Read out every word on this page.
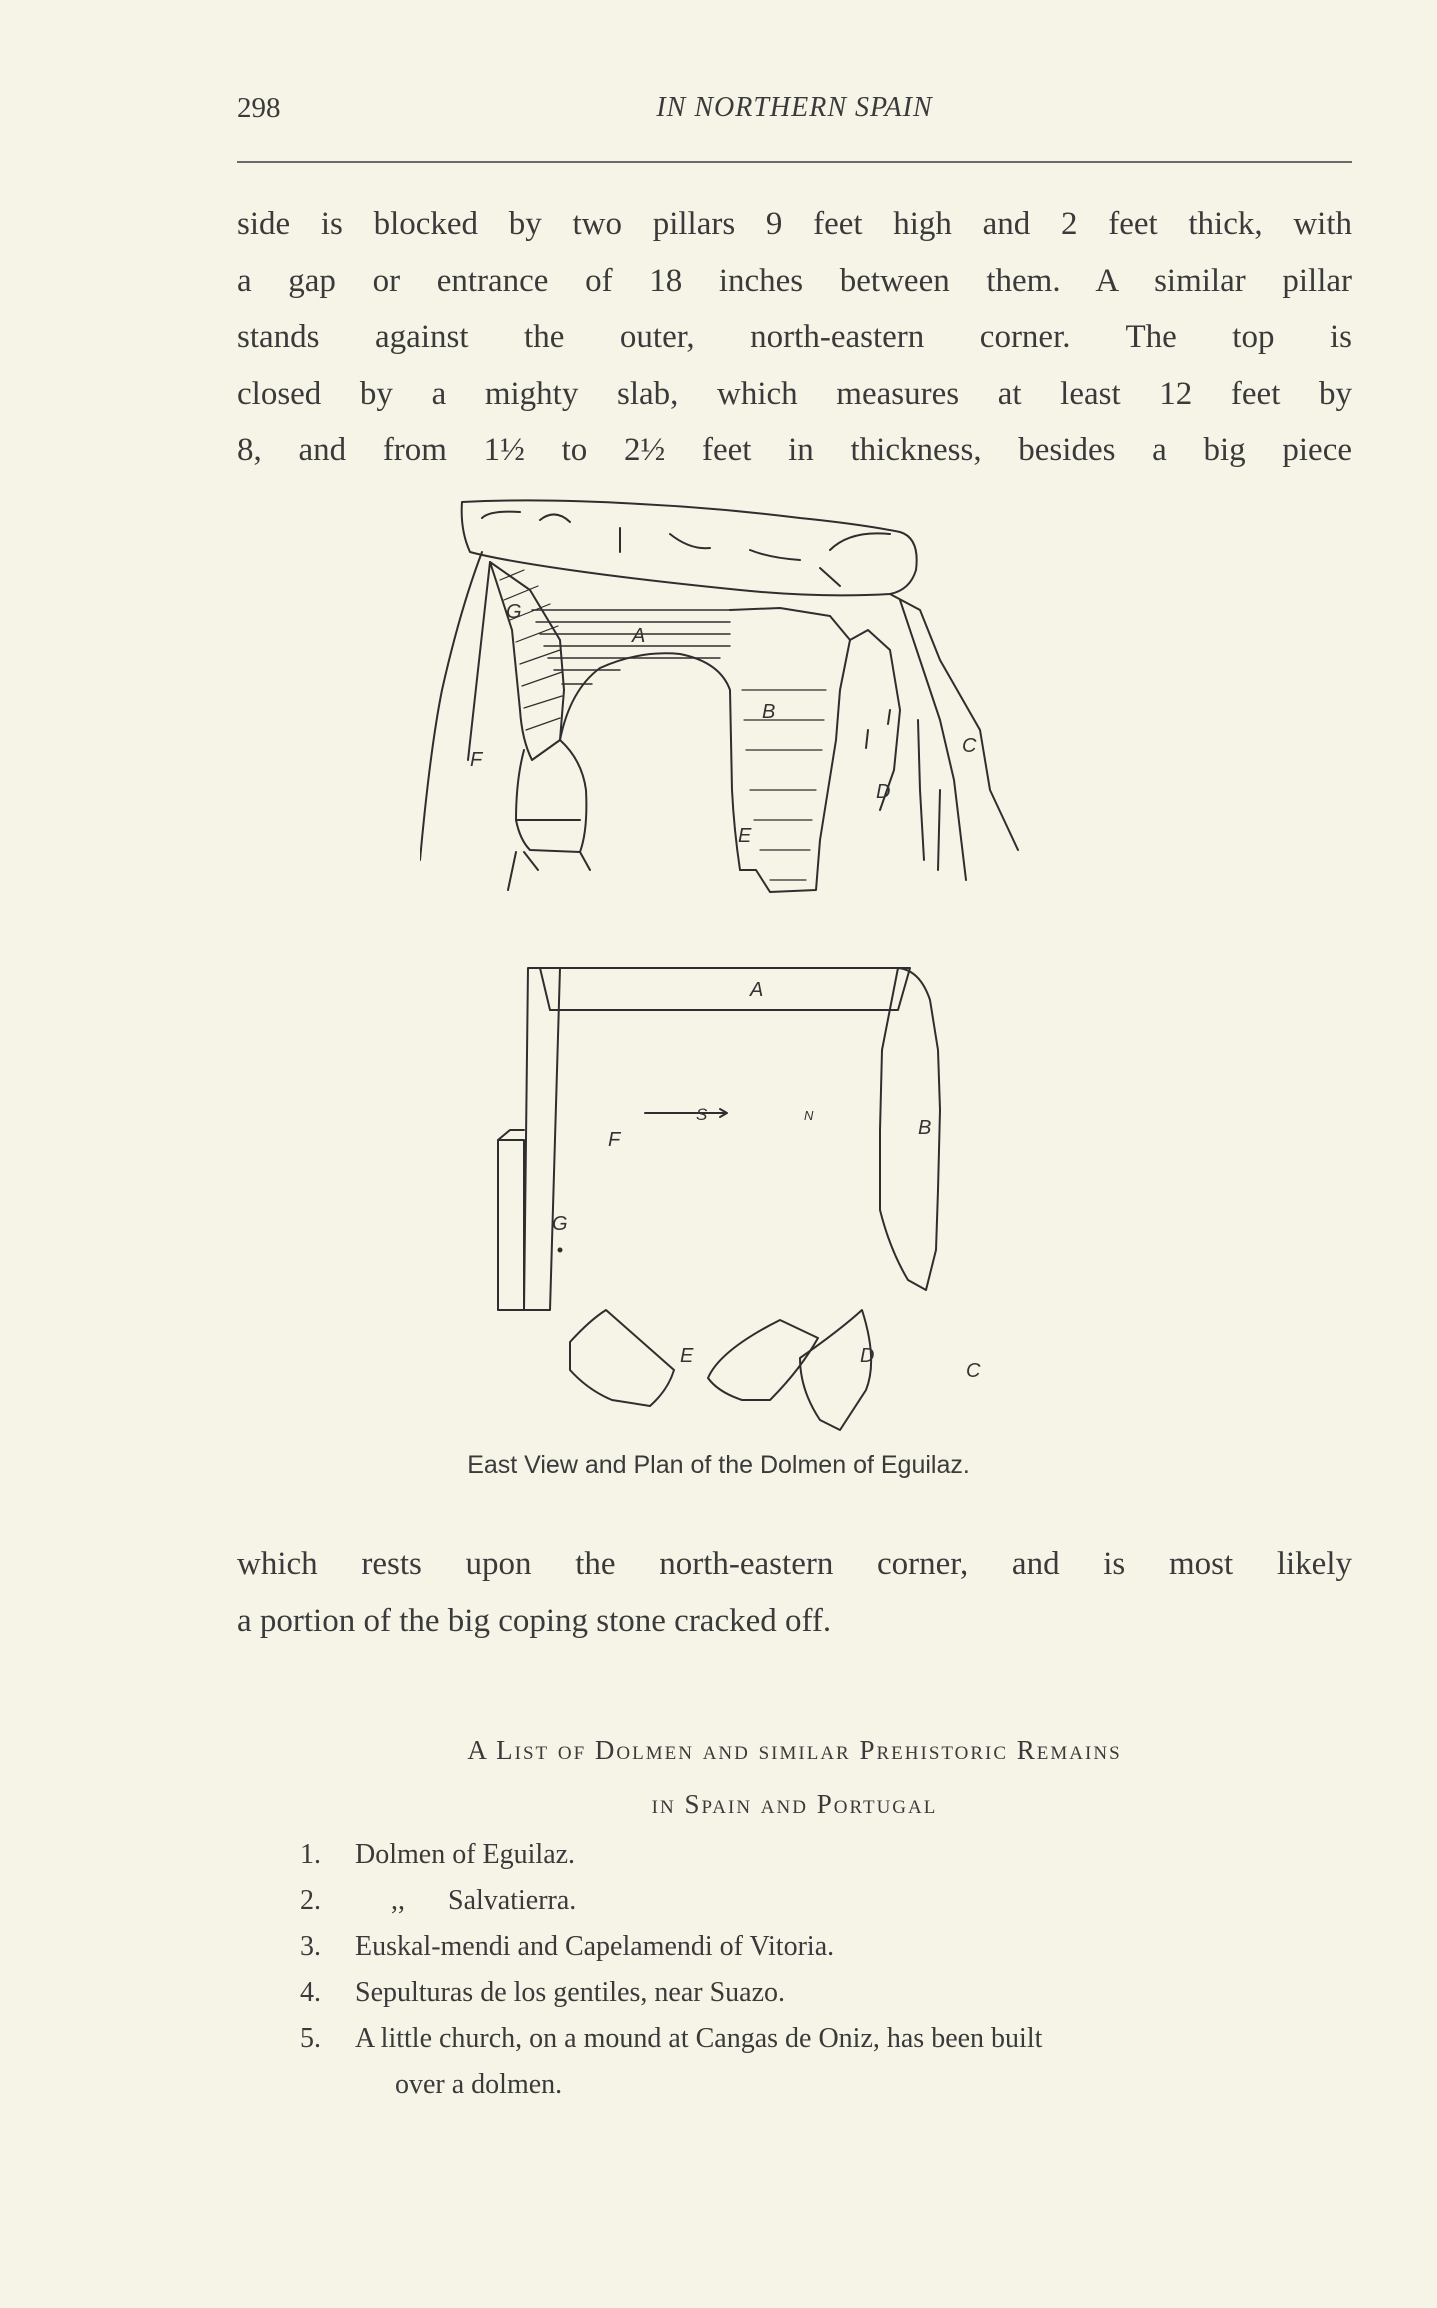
298	IN NORTHERN SPAIN
side is blocked by two pillars 9 feet high and 2 feet thick, with
a gap or entrance of 18 inches between them. A similar pillar
stands against the outer, north-eastern corner. The top is
closed by a mighty slab, which measures at least 12 feet by
8, and from 1½ to 2½ feet in thickness, besides a big piece
G
A
B
C
D
E
F
A
B
C
D
E
F
G
S	N
East View and Plan of the Dolmen of Eguilaz.
which rests upon the north-eastern corner, and is most likely
a portion of the big coping stone cracked off.
A List of Dolmen and similar Prehistoric Remains
in Spain and Portugal
1. Dolmen of Eguilaz.
2.	,, Salvatierra.
3. Euskal-mendi and Capelamendi of Vitoria.
4. Sepulturas de los gentiles, near Suazo.
5. A little church, on a mound at Cangas de Oniz, has been built
over a dolmen.
